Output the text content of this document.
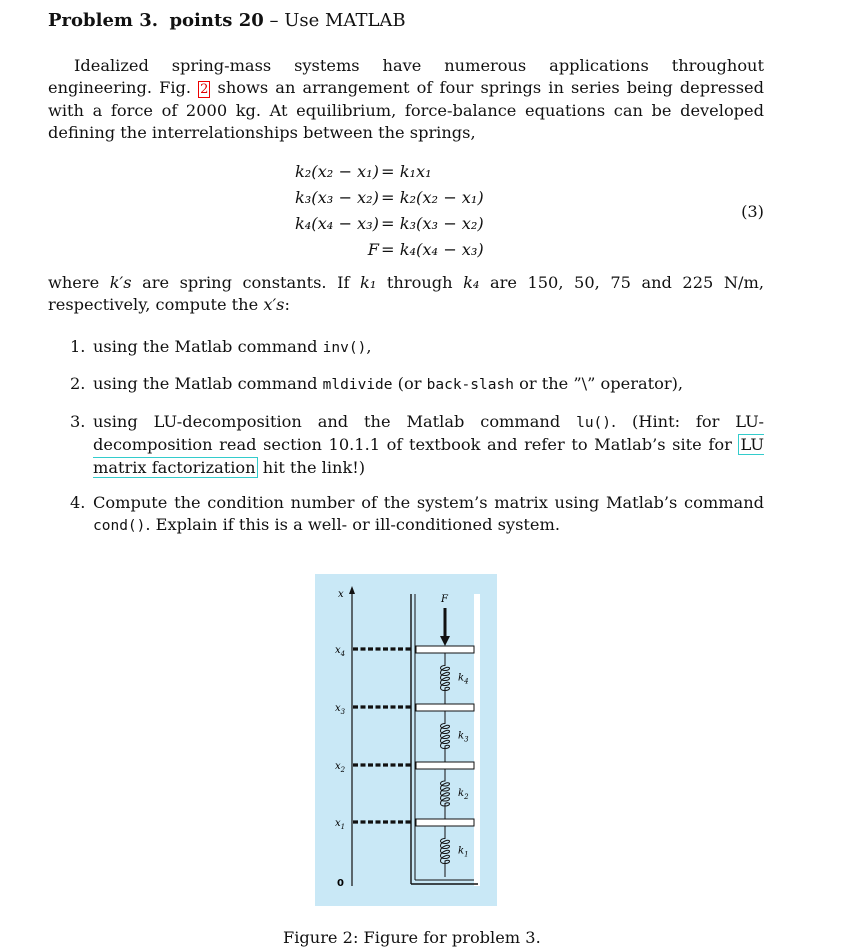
Problem 3. points 20 – Use MATLAB
Idealized spring-mass systems have numerous applications throughout engineering. Fig. 2 shows an arrangement of four springs in series being depressed with a force of 2000 kg. At equilibrium, force-balance equations can be developed defining the interrelationships between the springs,
k₂(x₂ − x₁) = k₁x₁
k₃(x₃ − x₂) = k₂(x₂ − x₁)
k₄(x₄ − x₃) = k₃(x₃ − x₂)
F = k₄(x₄ − x₃)
(3)
where k′s are spring constants. If k₁ through k₄ are 150, 50, 75 and 225 N/m, respectively, compute the x′s:
1. using the Matlab command inv(),
2. using the Matlab command mldivide (or back-slash or the ”\” operator),
3. using LU-decomposition and the Matlab command lu(). (Hint: for LU-decomposition read section 10.1.1 of textbook and refer to Matlab’s site for LU matrix factorization hit the link!)
4. Compute the condition number of the system’s matrix using Matlab’s command cond(). Explain if this is a well- or ill-conditioned system.
x
0
F
$x_4$
$k_4$
$x_3$
$k_3$
$x_2$
$k_2$
$x_1$
$k_1$
Figure 2: Figure for problem 3.
